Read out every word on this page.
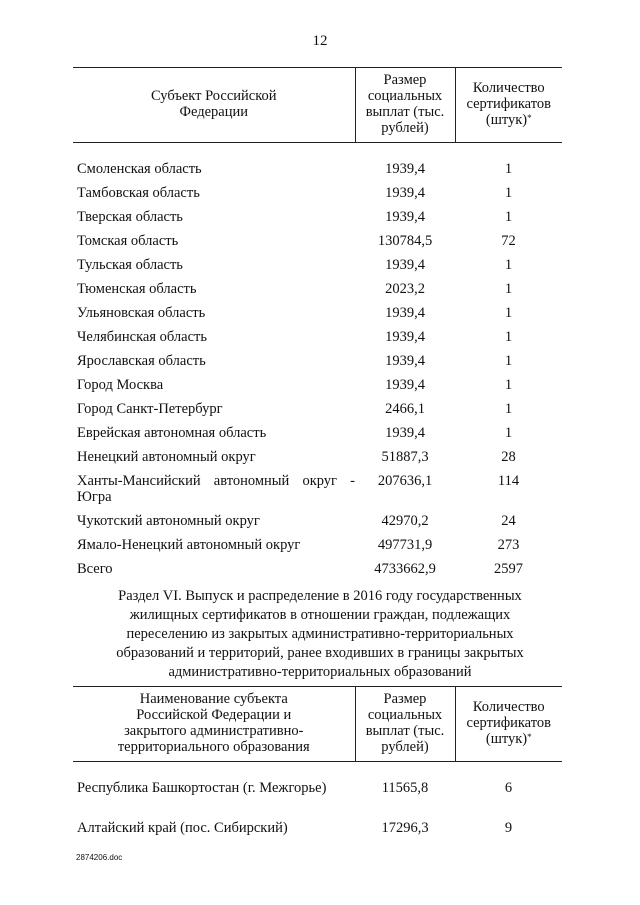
12
Субъект Российской Федерации	Размер социальных выплат (тыс. рублей)	Количество сертификатов (штук)*

Смоленская область	1939,4	1
Тамбовская область	1939,4	1
Тверская область	1939,4	1
Томская область	130784,5	72
Тульская область	1939,4	1
Тюменская область	2023,2	1
Ульяновская область	1939,4	1
Челябинская область	1939,4	1
Ярославская область	1939,4	1
Город Москва	1939,4	1
Город Санкт-Петербург	2466,1	1
Еврейская автономная область	1939,4	1
Ненецкий автономный округ	51887,3	28
Ханты-Мансийский автономный округ - Югра	207636,1	114
Чукотский автономный округ	42970,2	24
Ямало-Ненецкий автономный округ	497731,9	273
Всего	4733662,9	2597
Раздел VI. Выпуск и распределение в 2016 году государственных жилищных сертификатов в отношении граждан, подлежащих переселению из закрытых административно-территориальных образований и территорий, ранее входивших в границы закрытых административно-территориальных образований
Наименование субъекта Российской Федерации и закрытого административно-территориального образования	Размер социальных выплат (тыс. рублей)	Количество сертификатов (штук)*

Республика Башкортостан (г. Межгорье)	11565,8	6
Алтайский край (пос. Сибирский)	17296,3	9
2874206.doc
